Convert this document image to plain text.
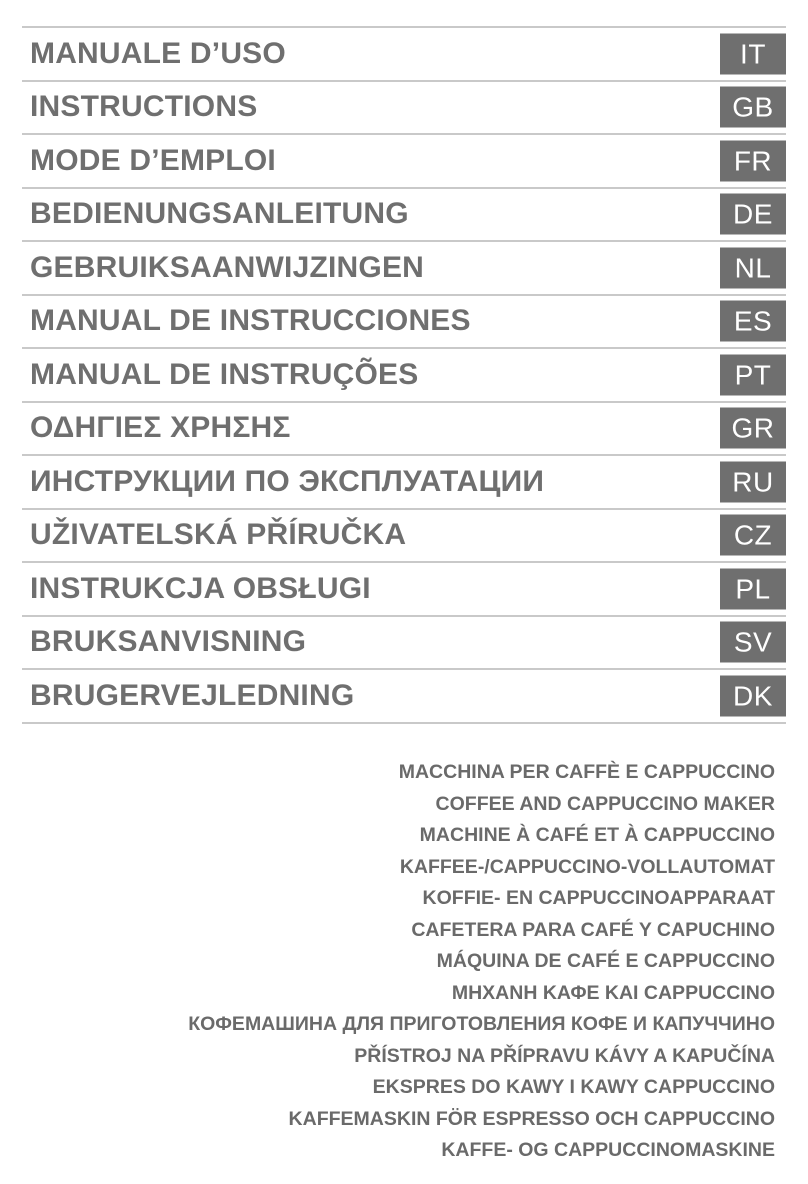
MANUALE D’USO	IT
INSTRUCTIONS	GB
MODE D’EMPLOI	FR
BEDIENUNGSANLEITUNG	DE
GEBRUIKSAANWIJZINGEN	NL
MANUAL DE INSTRUCCIONES	ES
MANUAL DE INSTRUÇÕES	PT
ΟΔΗΓΙΕΣ ΧΡΗΣΗΣ	GR
ИНСТРУКЦИИ ПО ЭКСПЛУАТАЦИИ	RU
UŽIVATELSKÁ PŘÍRUČKA	CZ
INSTRUKCJA OBSŁUGI	PL
BRUKSANVISNING	SV
BRUGERVEJLEDNING	DK
MACCHINA PER CAFFÈ E CAPPUCCINO
COFFEE AND CAPPUCCINO MAKER
MACHINE À CAFÉ ET À CAPPUCCINO
KAFFEE-/CAPPUCCINO-VOLLAUTOMAT
KOFFIE- EN CAPPUCCINOAPPARAAT
CAFETERA PARA CAFÉ Y CAPUCHINO
MÁQUINA DE CAFÉ E CAPPUCCINO
ΜΗΧΑΝΗ ΚΑΦΕ ΚΑΙ CAPPUCCINO
КОФЕМАШИНА ДЛЯ ПРИГОТОВЛЕНИЯ КОФЕ И КАПУЧЧИНО
PŘÍSTROJ NA PŘÍPRAVU KÁVY A KAPUČÍNA
EKSPRES DO KAWY I KAWY CAPPUCCINO
KAFFEMASKIN FÖR ESPRESSO OCH CAPPUCCINO
KAFFE- OG CAPPUCCINOMASKINE
